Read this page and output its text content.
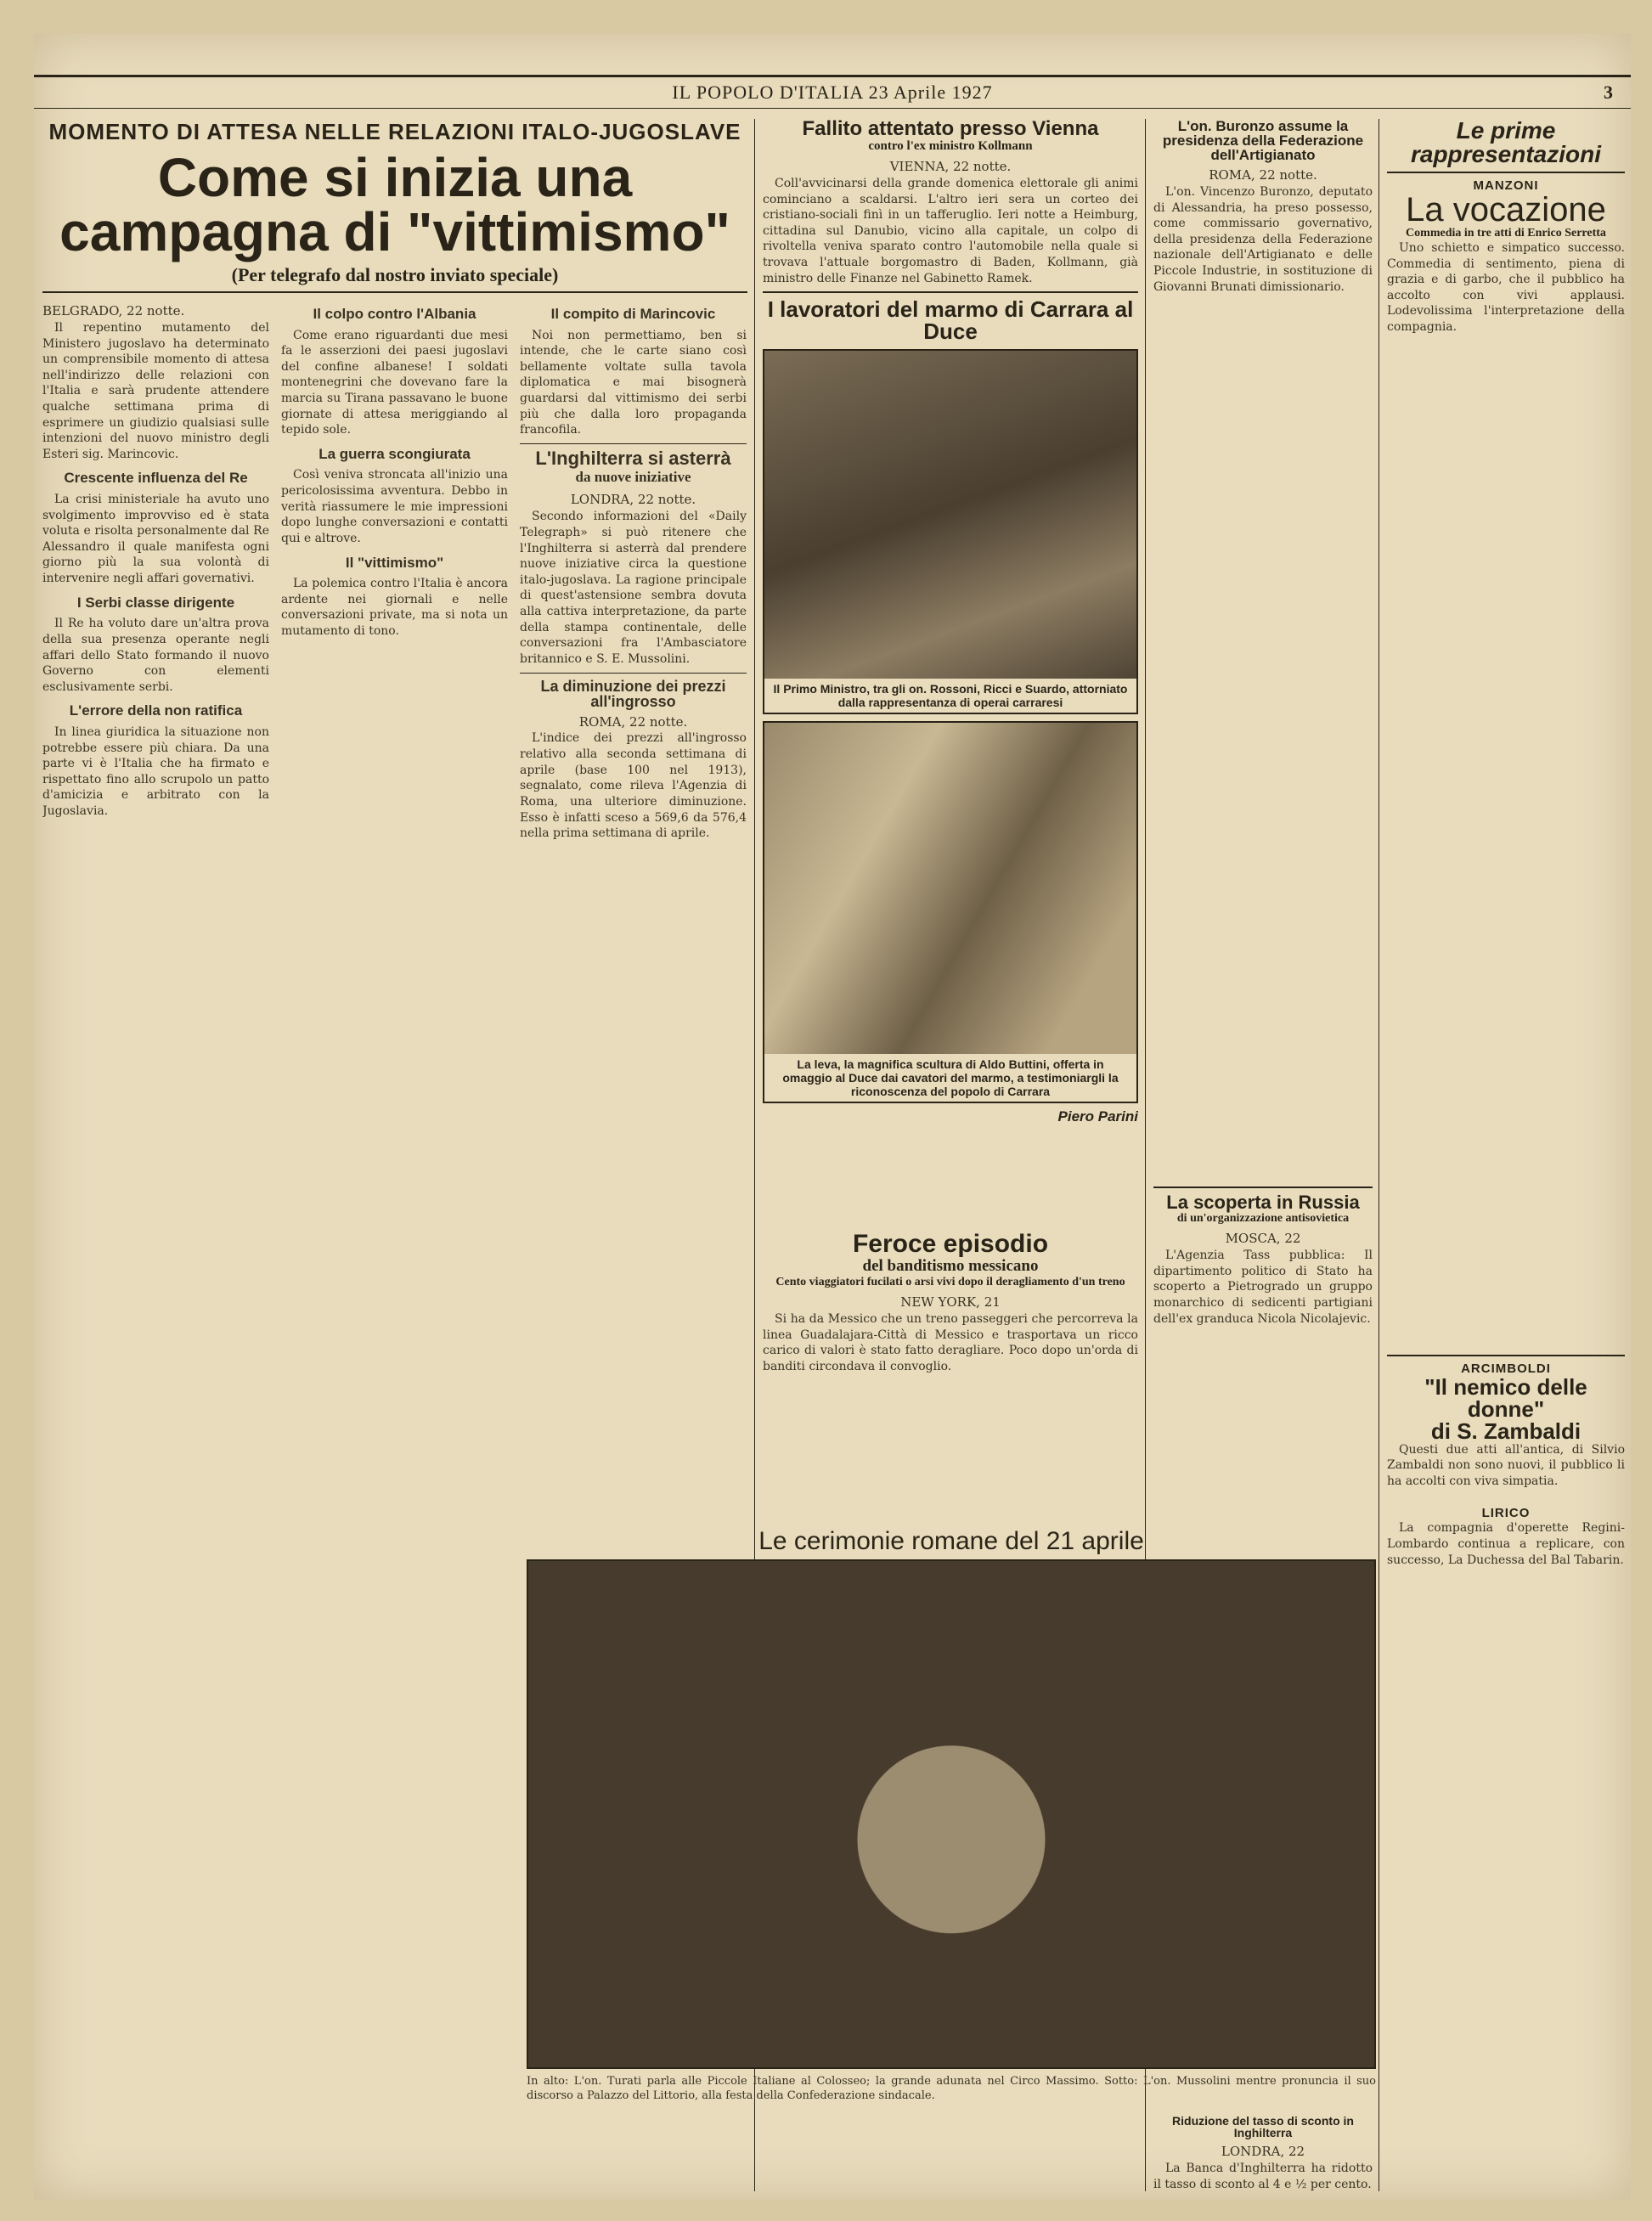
IL POPOLO D'ITALIA 23 Aprile 1927	3
MOMENTO DI ATTESA NELLE RELAZIONI ITALO-JUGOSLAVE
Come si inizia una campagna di "vittimismo"
(Per telegrafo dal nostro inviato speciale)
BELGRADO, 22 notte.

Il repentino mutamento del Ministero jugoslavo ha determinato un comprensibile momento di attesa nell'indirizzo delle relazioni con l'Italia e sarà prudente attendere qualche settimana prima di esprimere un giudizio qualsiasi sulle intenzioni del nuovo ministro degli Esteri sig. Marincovic.

Crescente influenza del Re

La crisi ministeriale ha avuto uno svolgimento improvviso ed è stata voluta e risolta personalmente dal Re Alessandro il quale manifesta ogni giorno più la sua volontà di intervenire negli affari governativi.

I Serbi classe dirigente

Il Re ha voluto dare un'altra prova della sua presenza operante negli affari dello Stato formando il nuovo Governo con elementi esclusivamente serbi.

L'errore della non ratifica

In linea giuridica la situazione non potrebbe essere più chiara. Da una parte vi è l'Italia che ha firmato e rispettato fino allo scrupolo un patto d'amicizia e arbitrato con la Jugoslavia.

Il colpo contro l'Albania

Come erano riguardanti due mesi fa le asserzioni dei paesi jugoslavi del confine albanese! I soldati montenegrini che dovevano fare la marcia su Tirana passavano le buone giornate di attesa meriggiando al tepido sole.

La guerra scongiurata

Così veniva stroncata all'inizio una pericolosissima avventura. Debbo in verità riassumere le mie impressioni dopo lunghe conversazioni e contatti qui e altrove.

Il "vittimismo"

La polemica contro l'Italia è ancora ardente nei giornali e nelle conversazioni private, ma si nota un mutamento di tono.

Il compito di Marincovic

Noi non permettiamo, ben si intende, che le carte siano così bellamente voltate sulla tavola diplomatica e mai bisognerà guardarsi dal vittimismo dei serbi più che dalla loro propaganda francofila.

L'Inghilterra si asterrà
da nuove iniziative
LONDRA, 22 notte.

Secondo informazioni del «Daily Telegraph» si può ritenere che l'Inghilterra si asterrà dal prendere nuove iniziative circa la questione italo-jugoslava. La ragione principale di quest'astensione sembra dovuta alla cattiva interpretazione, da parte della stampa continentale, delle conversazioni fra l'Ambasciatore britannico e S. E. Mussolini.

La diminuzione dei prezzi all'ingrosso
ROMA, 22 notte.

L'indice dei prezzi all'ingrosso relativo alla seconda settimana di aprile (base 100 nel 1913), segnalato, come rileva l'Agenzia di Roma, una ulteriore diminuzione. Esso è infatti sceso a 569,6 da 576,4 nella prima settimana di aprile.

Fallito attentato presso Vienna
contro l'ex ministro Kollmann
VIENNA, 22 notte.

Coll'avvicinarsi della grande domenica elettorale gli animi cominciano a scaldarsi. L'altro ieri sera un corteo dei cristiano-sociali finì in un tafferuglio. Ieri notte a Heimburg, cittadina sul Danubio, vicino alla capitale, un colpo di rivoltella veniva sparato contro l'automobile nella quale si trovava l'attuale borgomastro di Baden, Kollmann, già ministro delle Finanze nel Gabinetto Ramek.

I lavoratori del marmo di Carrara al Duce
Il Primo Ministro, tra gli on. Rossoni, Ricci e Suardo, attorniato dalla rappresentanza di operai carraresi
La leva, la magnifica scultura di Aldo Buttini, offerta in omaggio al Duce dai cavatori del marmo, a testimoniargli la riconoscenza del popolo di Carrara
Piero Parini
Feroce episodio
del banditismo messicano
Cento viaggiatori fucilati o arsi vivi dopo il deragliamento d'un treno
NEW YORK, 21

Si ha da Messico che un treno passeggeri che percorreva la linea Guadalajara-Città di Messico e trasportava un ricco carico di valori è stato fatto deragliare. Poco dopo un'orda di banditi circondava il convoglio.

L'on. Buronzo assume la presidenza della Federazione dell'Artigianato
ROMA, 22 notte.

L'on. Vincenzo Buronzo, deputato di Alessandria, ha preso possesso, come commissario governativo, della presidenza della Federazione nazionale dell'Artigianato e delle Piccole Industrie, in sostituzione di Giovanni Brunati dimissionario.

La scoperta in Russia
di un'organizzazione antisovietica
MOSCA, 22

L'Agenzia Tass pubblica: Il dipartimento politico di Stato ha scoperto a Pietrogrado un gruppo monarchico di sedicenti partigiani dell'ex granduca Nicola Nicolajevic.

Le cerimonie romane del 21 aprile
In alto: L'on. Turati parla alle Piccole Italiane al Colosseo; la grande adunata nel Circo Massimo. Sotto: L'on. Mussolini mentre pronuncia il suo discorso a Palazzo del Littorio, alla festa della Confederazione sindacale.
Riduzione del tasso di sconto in Inghilterra
LONDRA, 22

La Banca d'Inghilterra ha ridotto il tasso di sconto al 4 e ½ per cento.

Le prime rappresentazioni
MANZONI
La vocazione
Commedia in tre atti di Enrico Serretta

Uno schietto e simpatico successo. Commedia di sentimento, piena di grazia e di garbo, che il pubblico ha accolto con vivi applausi. Lodevolissima l'interpretazione della compagnia.

ARCIMBOLDI
"Il nemico delle donne"
di S. Zambaldi

Questi due atti all'antica, di Silvio Zambaldi non sono nuovi, il pubblico li ha accolti con viva simpatia.

LIRICO

La compagnia d'operette Regini-Lombardo continua a replicare, con successo, La Duchessa del Bal Tabarin.
